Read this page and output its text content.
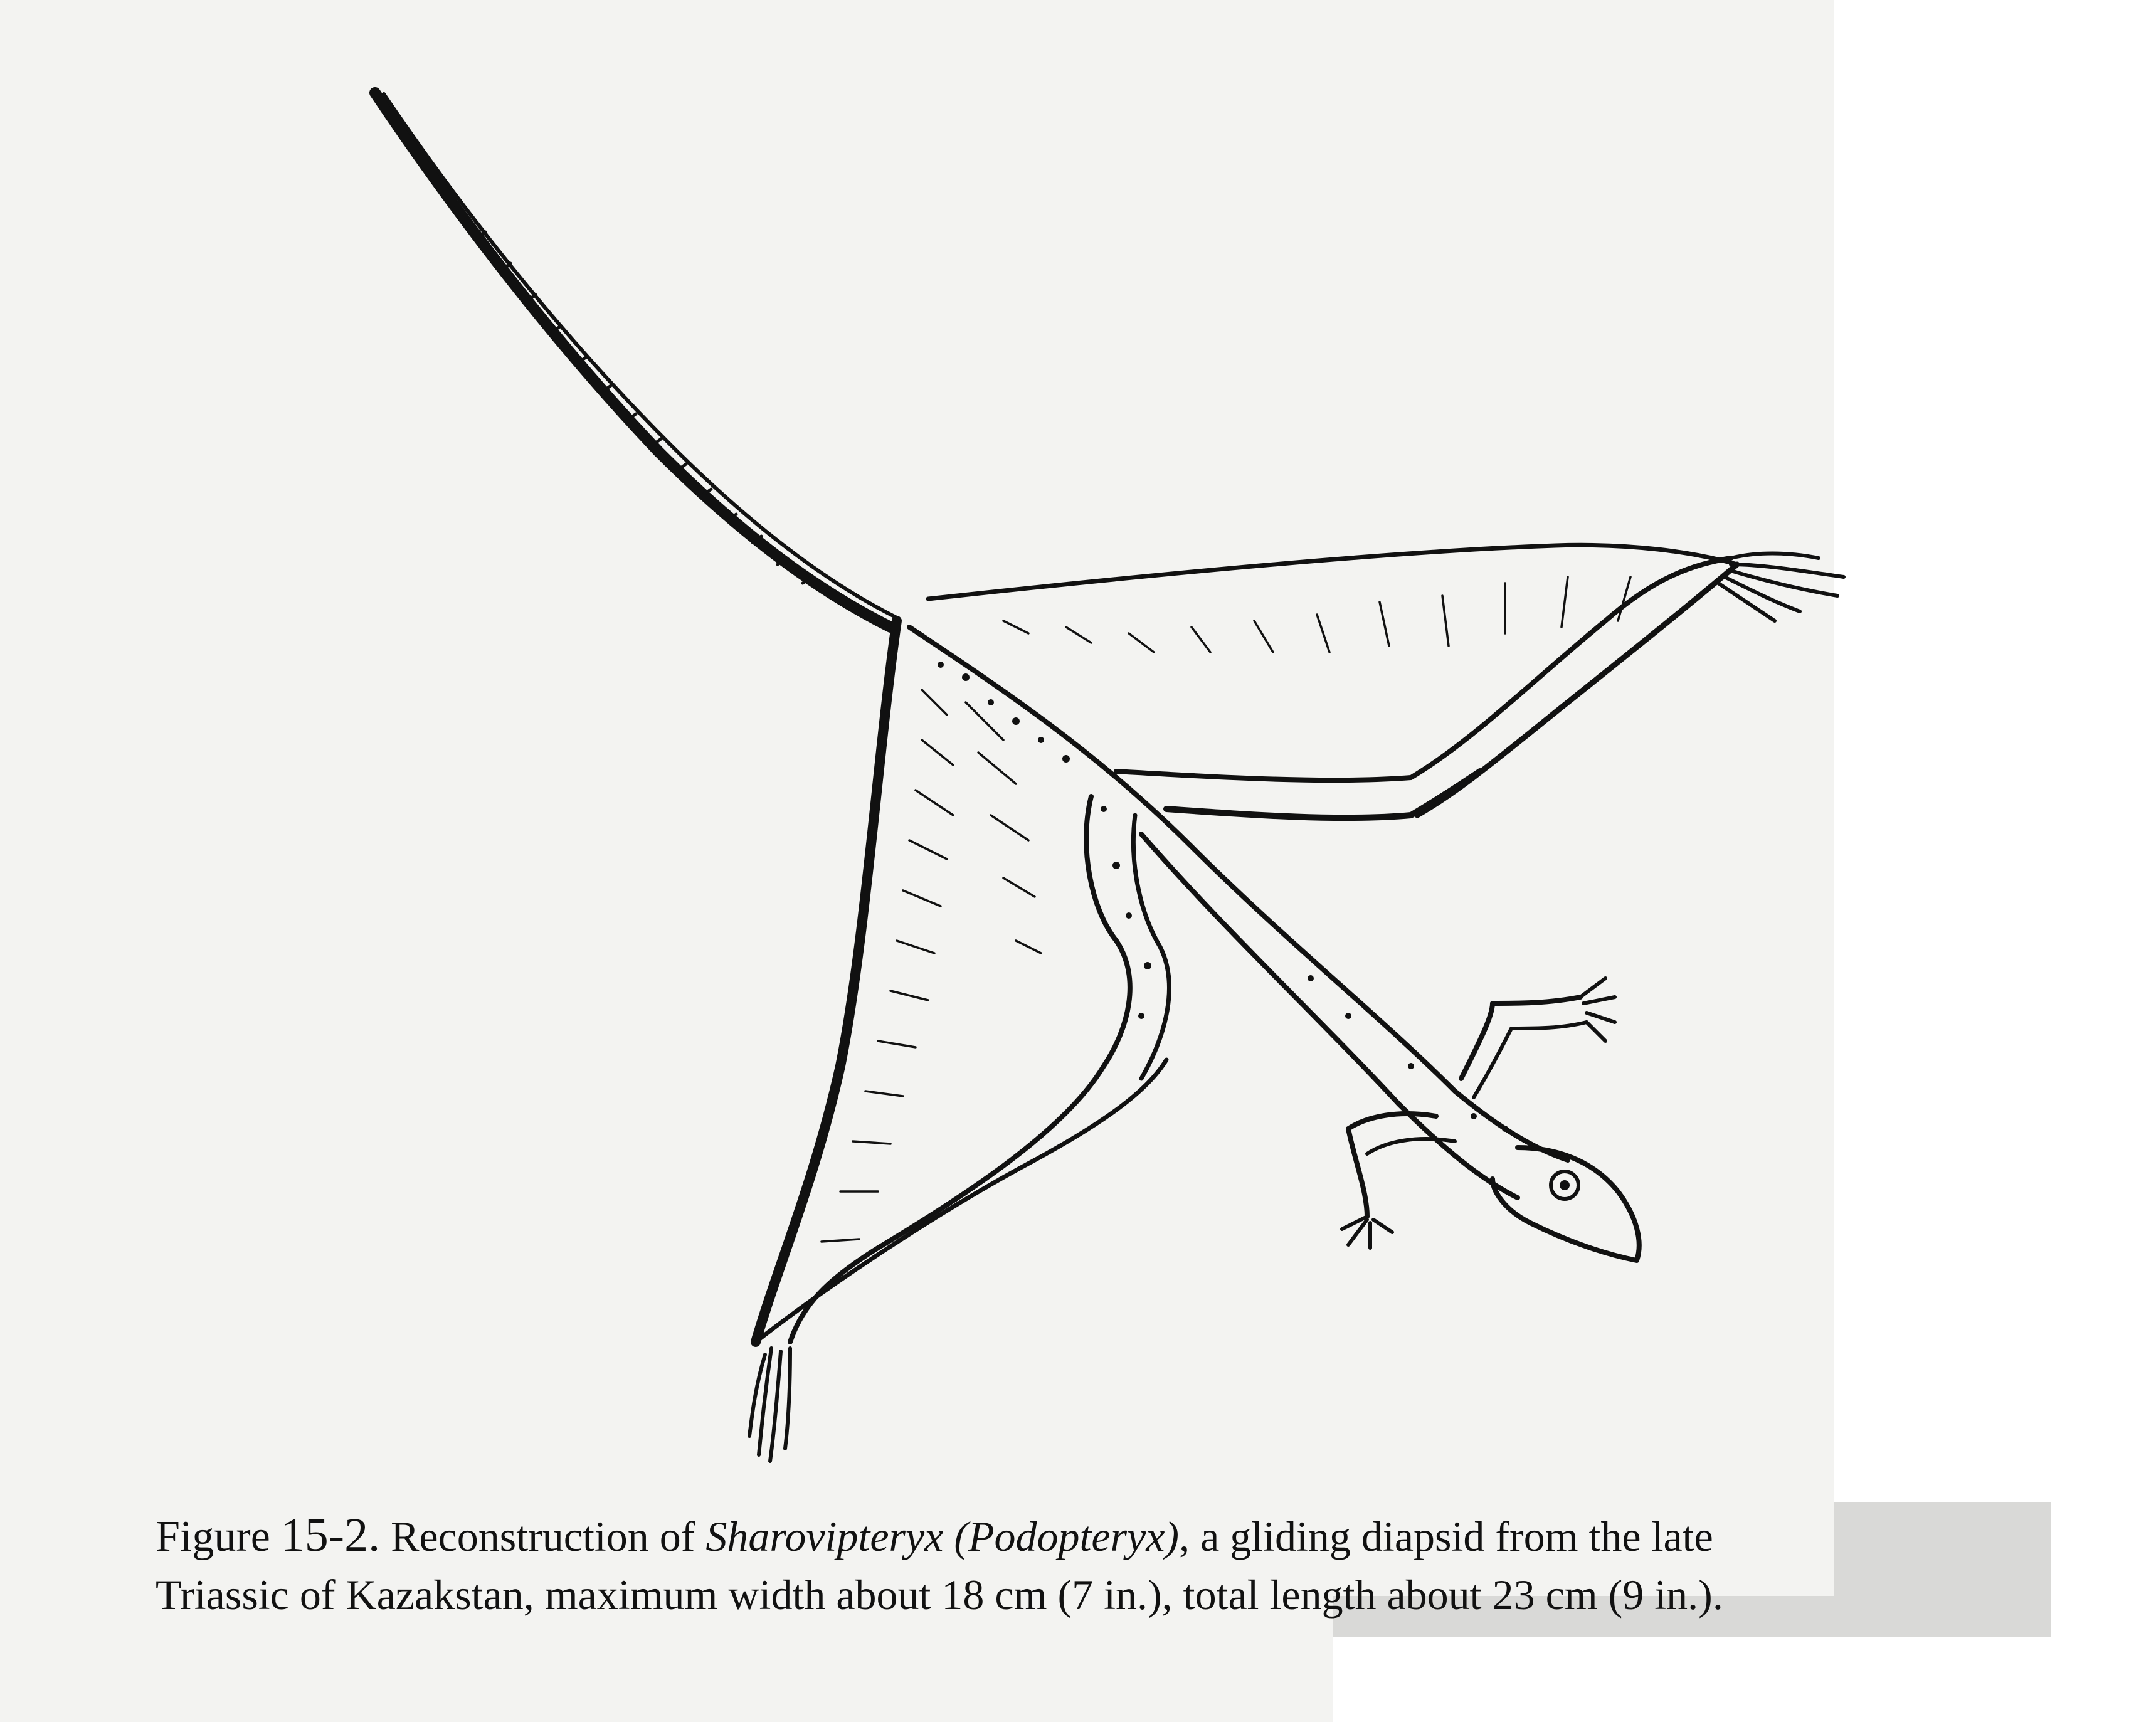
Figure 15-2. Reconstruction of Sharovipteryx (Podopteryx), a gliding diapsid from the late
Triassic of Kazakstan, maximum width about 18 cm (7 in.), total length about 23 cm (9 in.).
